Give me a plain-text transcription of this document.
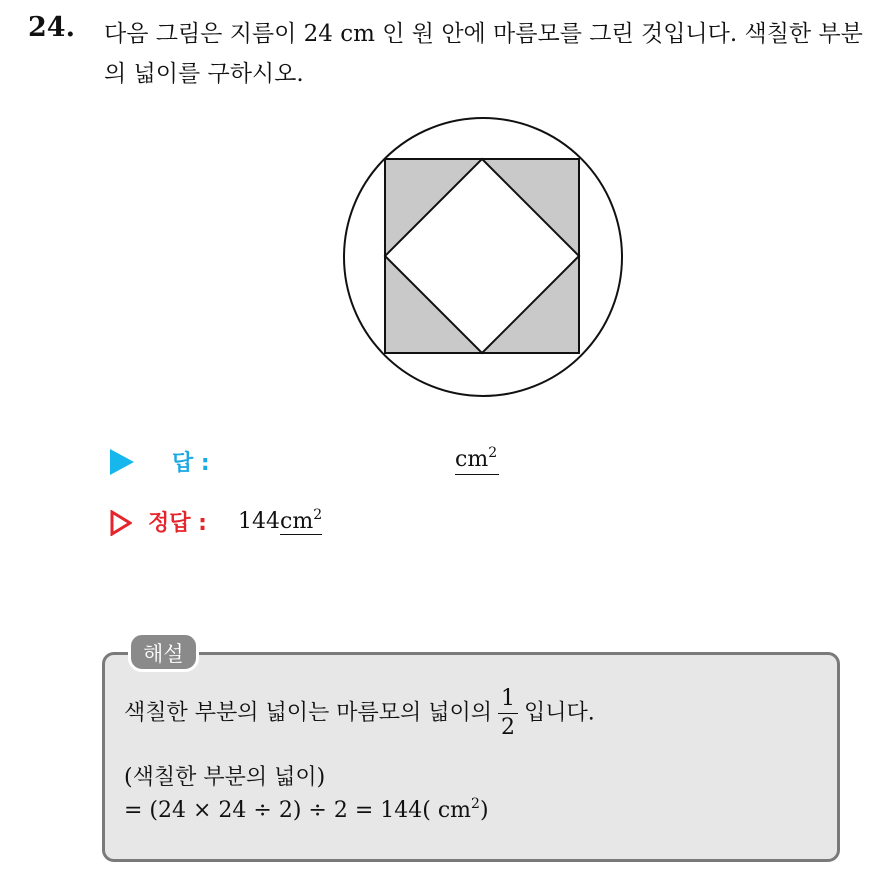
24. 다음 그림은 지름이 24 cm 인 원 안에 마름모를 그린 것입니다. 색칠한 부분의 넓이를 구하시오.
답 :	$cm^2$
정답 : $144cm^2$
해설
색칠한 부분의 넓이는 마름모의 넓이의 $\frac{1}{2}$ 입니다.
(색칠한 부분의 넓이)
= (24 × 24 ÷ 2) ÷ 2 = 144( $cm^2$)
